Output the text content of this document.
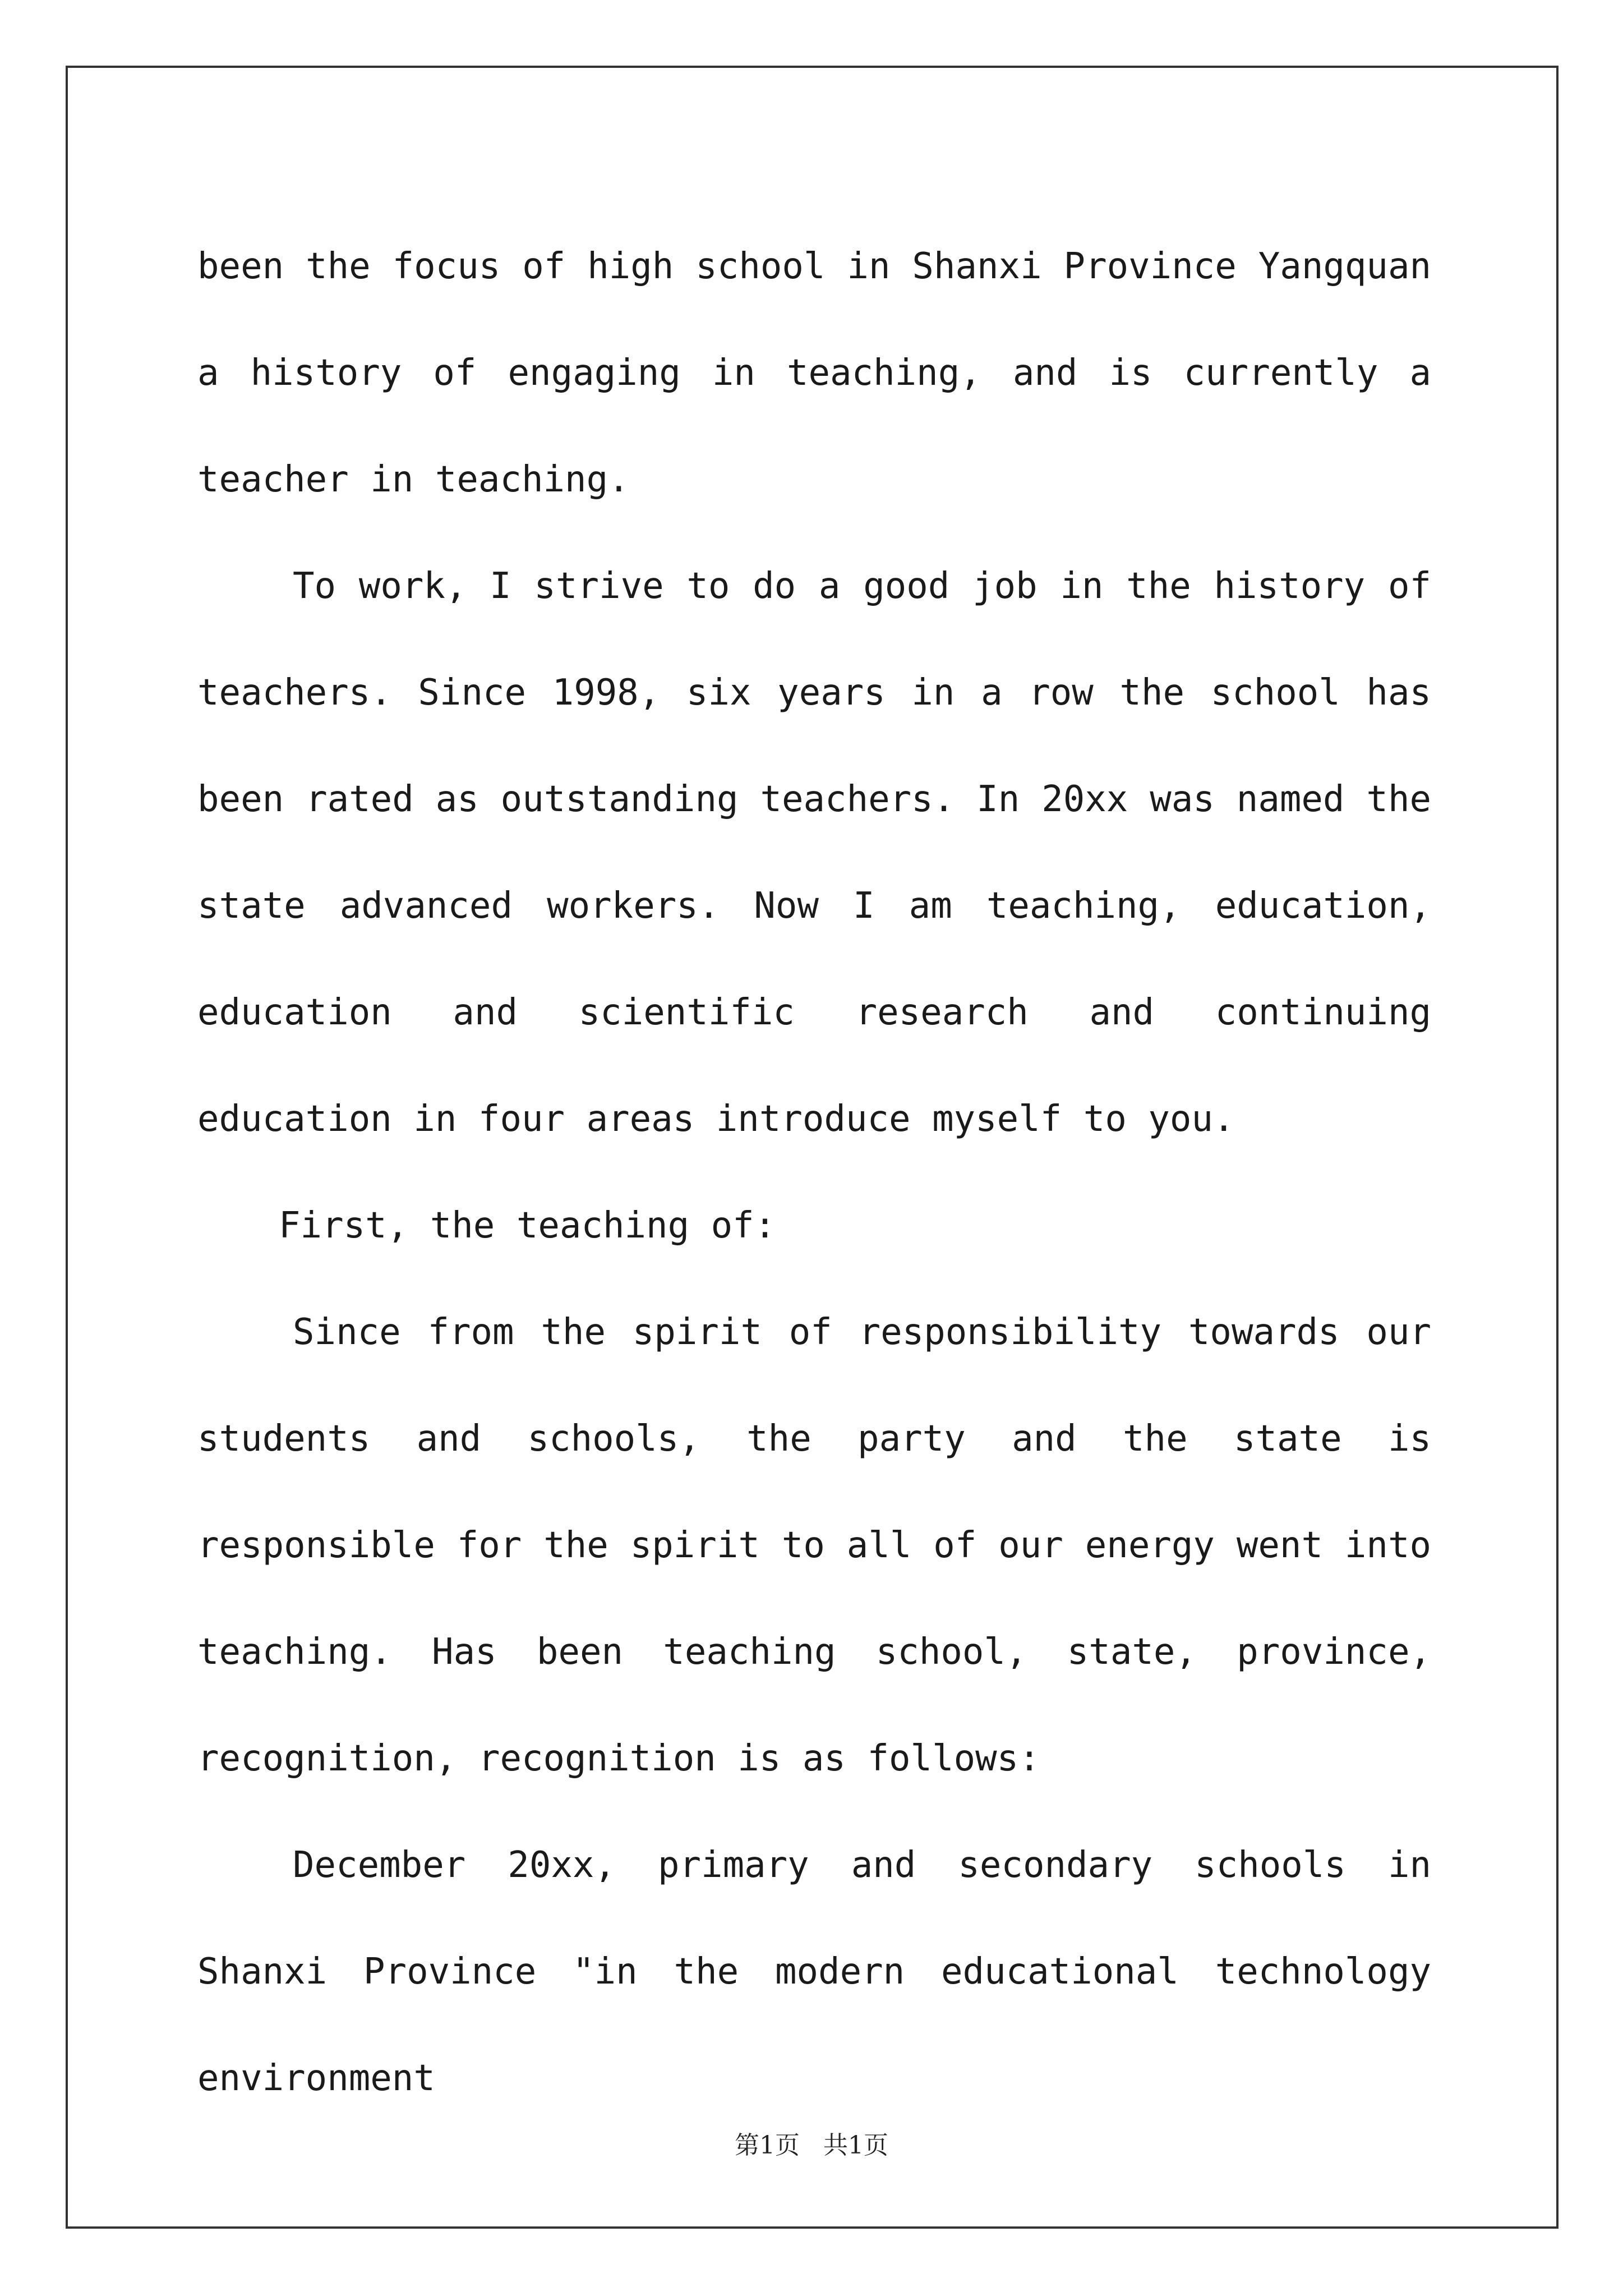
been the focus of high school in Shanxi Province Yangquan a history of engaging in teaching, and is currently a teacher in teaching.

To work, I strive to do a good job in the history of teachers. Since 1998, six years in a row the school has been rated as outstanding teachers. In 20xx was named the state advanced workers. Now I am teaching, education, education and scientific research and continuing education in four areas introduce myself to you.

First, the teaching of:

Since from the spirit of responsibility towards our students and schools, the party and the state is responsible for the spirit to all of our energy went into teaching. Has been teaching school, state, province, recognition, recognition is as follows:

December 20xx, primary and secondary schools in Shanxi Province "in the modern educational technology environment

第1页   共1页
